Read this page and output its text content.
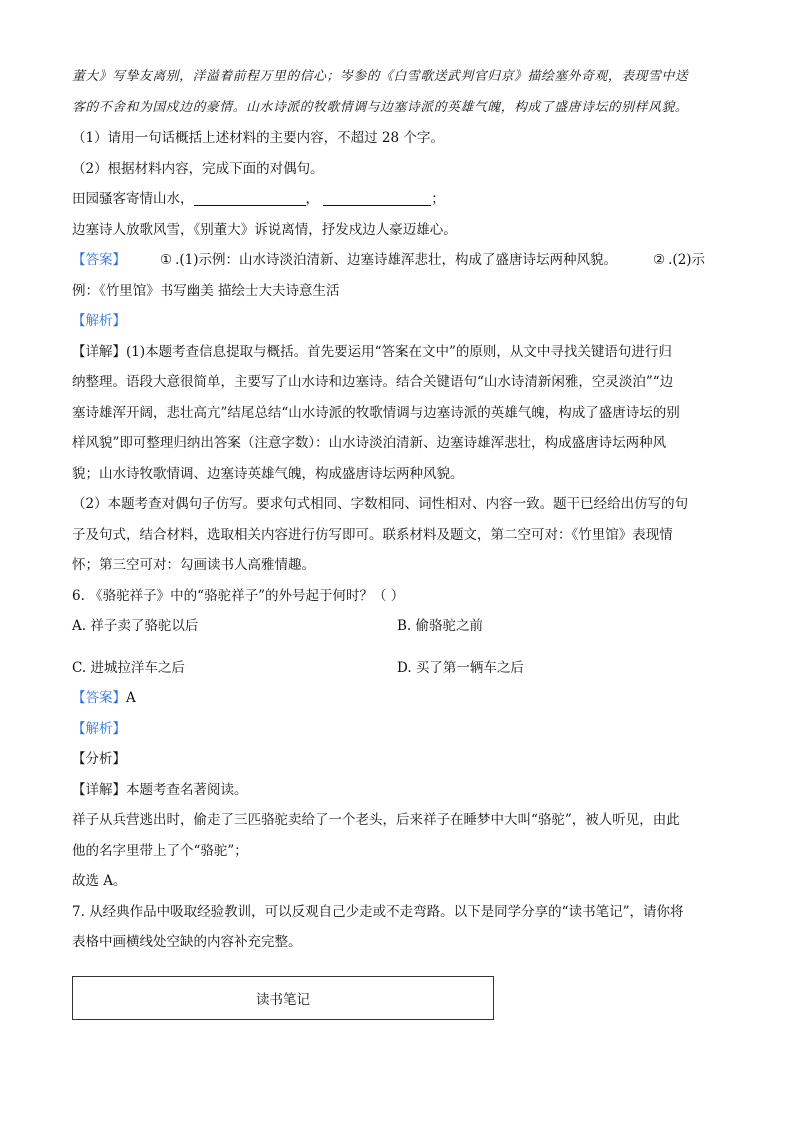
董大》写挚友离别，洋溢着前程万里的信心；岑参的《白雪歌送武判官归京》描绘塞外奇观，表现雪中送

客的不舍和为国戍边的豪情。山水诗派的牧歌情调与边塞诗派的英雄气魄，构成了盛唐诗坛的别样风貌。

（1）请用一句话概括上述材料的主要内容，不超过 28 个字。

（2）根据材料内容，完成下面的对偶句。

田园骚客寄情山水，	，	；

边塞诗人放歌风雪，《别董大》诉说离情，抒发戍边人豪迈雄心。

【答案】	① .(1)示例：山水诗淡泊清新、边塞诗雄浑悲壮，构成了盛唐诗坛两种风貌。	② .(2)示

例：《竹里馆》书写幽美 描绘士大夫诗意生活

【解析】

【详解】(1)本题考查信息提取与概括。首先要运用“答案在文中”的原则，从文中寻找关键语句进行归

纳整理。语段大意很简单，主要写了山水诗和边塞诗。结合关键语句“山水诗清新闲雅，空灵淡泊”“边

塞诗雄浑开阔，悲壮高亢”结尾总结“山水诗派的牧歌情调与边塞诗派的英雄气魄，构成了盛唐诗坛的别

样风貌”即可整理归纳出答案（注意字数）：山水诗淡泊清新、边塞诗雄浑悲壮，构成盛唐诗坛两种风

貌；山水诗牧歌情调、边塞诗英雄气魄，构成盛唐诗坛两种风貌。

（2）本题考查对偶句子仿写。要求句式相同、字数相同、词性相对、内容一致。题干已经给出仿写的句

子及句式，结合材料，选取相关内容进行仿写即可。联系材料及题文，第二空可对：《竹里馆》表现情

怀；第三空可对：勾画读书人高雅情趣。

6. 《骆驼祥子》中的“骆驼祥子”的外号起于何时？（ ）

A. 祥子卖了骆驼以后	B. 偷骆驼之前
C. 进城拉洋车之后	D. 买了第一辆车之后

【答案】A

【解析】

【分析】

【详解】本题考查名著阅读。

祥子从兵营逃出时，偷走了三匹骆驼卖给了一个老头，后来祥子在睡梦中大叫“骆驼”，被人听见，由此

他的名字里带上了个“骆驼”；

故选 A。

7. 从经典作品中吸取经验教训，可以反观自己少走或不走弯路。以下是同学分享的“读书笔记”，请你将

表格中画横线处空缺的内容补充完整。

读书笔记
